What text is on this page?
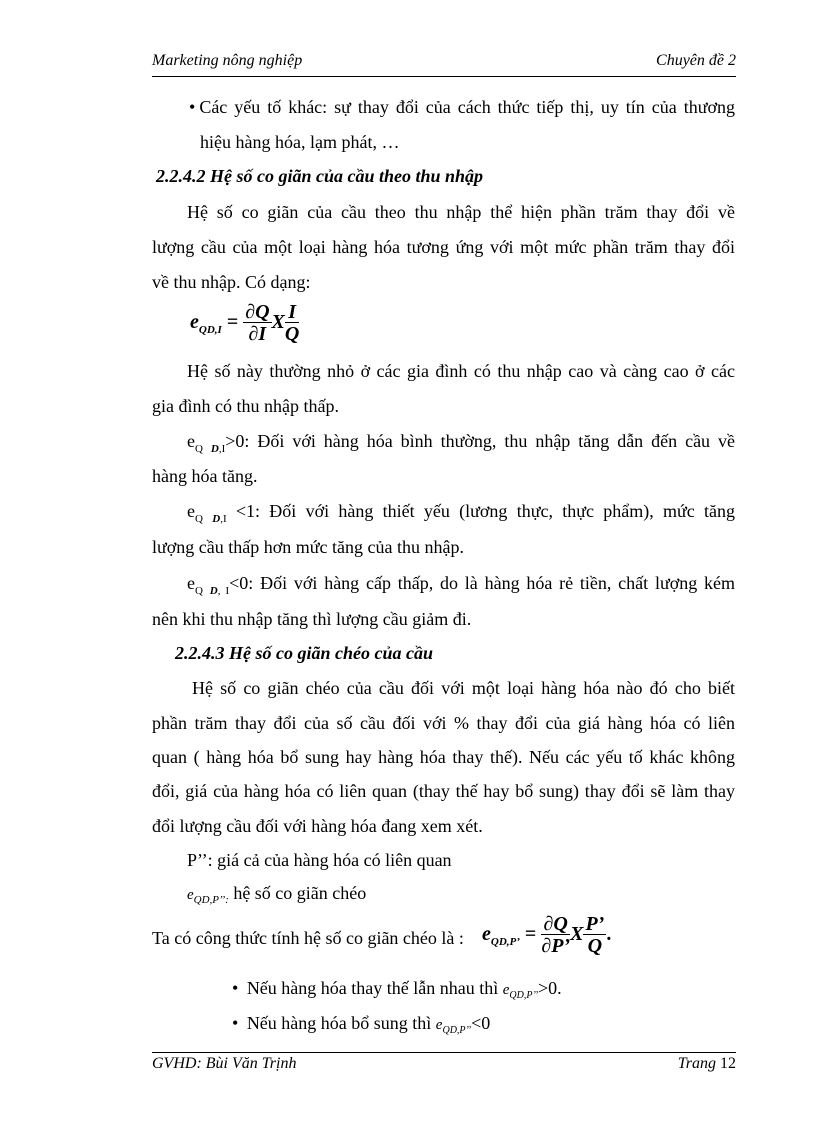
Marketing nông nghiệp	Chuyên đề 2
• Các yếu tố khác: sự thay đổi của cách thức tiếp thị, uy tín của thương
hiệu hàng hóa, lạm phát, …
2.2.4.2 Hệ số co giãn của cầu theo thu nhập
Hệ số co giãn của cầu theo thu nhập thể hiện phần trăm thay đổi về
lượng cầu của một loại hàng hóa tương ứng với một mức phần trăm thay đổi
về thu nhập. Có dạng:
$e_{QD,I} = \frac{\partial Q}{\partial I}$ X $\frac{I}{Q}$
Hệ số này thường nhỏ ở các gia đình có thu nhập cao và càng cao ở các
gia đình có thu nhập thấp.
$e_Q$ $_{D,I}$>0: Đối với hàng hóa bình thường, thu nhập tăng dẫn đến cầu về
hàng hóa tăng.
$e_Q$ $_{D,I}$ <1: Đối với hàng thiết yếu (lương thực, thực phẩm), mức tăng
lượng cầu thấp hơn mức tăng của thu nhập.
$e_Q$ $_{D, I}$<0: Đối với hàng cấp thấp, do là hàng hóa rẻ tiền, chất lượng kém
nên khi thu nhập tăng thì lượng cầu giảm đi.
2.2.4.3 Hệ số co giãn chéo của cầu
Hệ số co giãn chéo của cầu đối với một loại hàng hóa nào đó cho biết
phần trăm thay đổi của số cầu đối với % thay đổi của giá hàng hóa có liên
quan ( hàng hóa bổ sung hay hàng hóa thay thế). Nếu các yếu tố khác không
đổi, giá của hàng hóa có liên quan (thay thế hay bổ sung) thay đổi sẽ làm thay
đổi lượng cầu đối với hàng hóa đang xem xét.
P’’: giá cả của hàng hóa có liên quan
$e_{QD,P’’:}$ hệ số co giãn chéo
Ta có công thức tính hệ số co giãn chéo là : $e_{QD,P’} = \frac{\partial Q}{\partial P’}$ X $\frac{P’}{Q}$ .
• Nếu hàng hóa thay thế lẫn nhau thì $e_{QD,P’’}>0$.
• Nếu hàng hóa bổ sung thì $e_{QD,P’’}<0$
GVHD: Bùi Văn Trịnh	Trang 12
